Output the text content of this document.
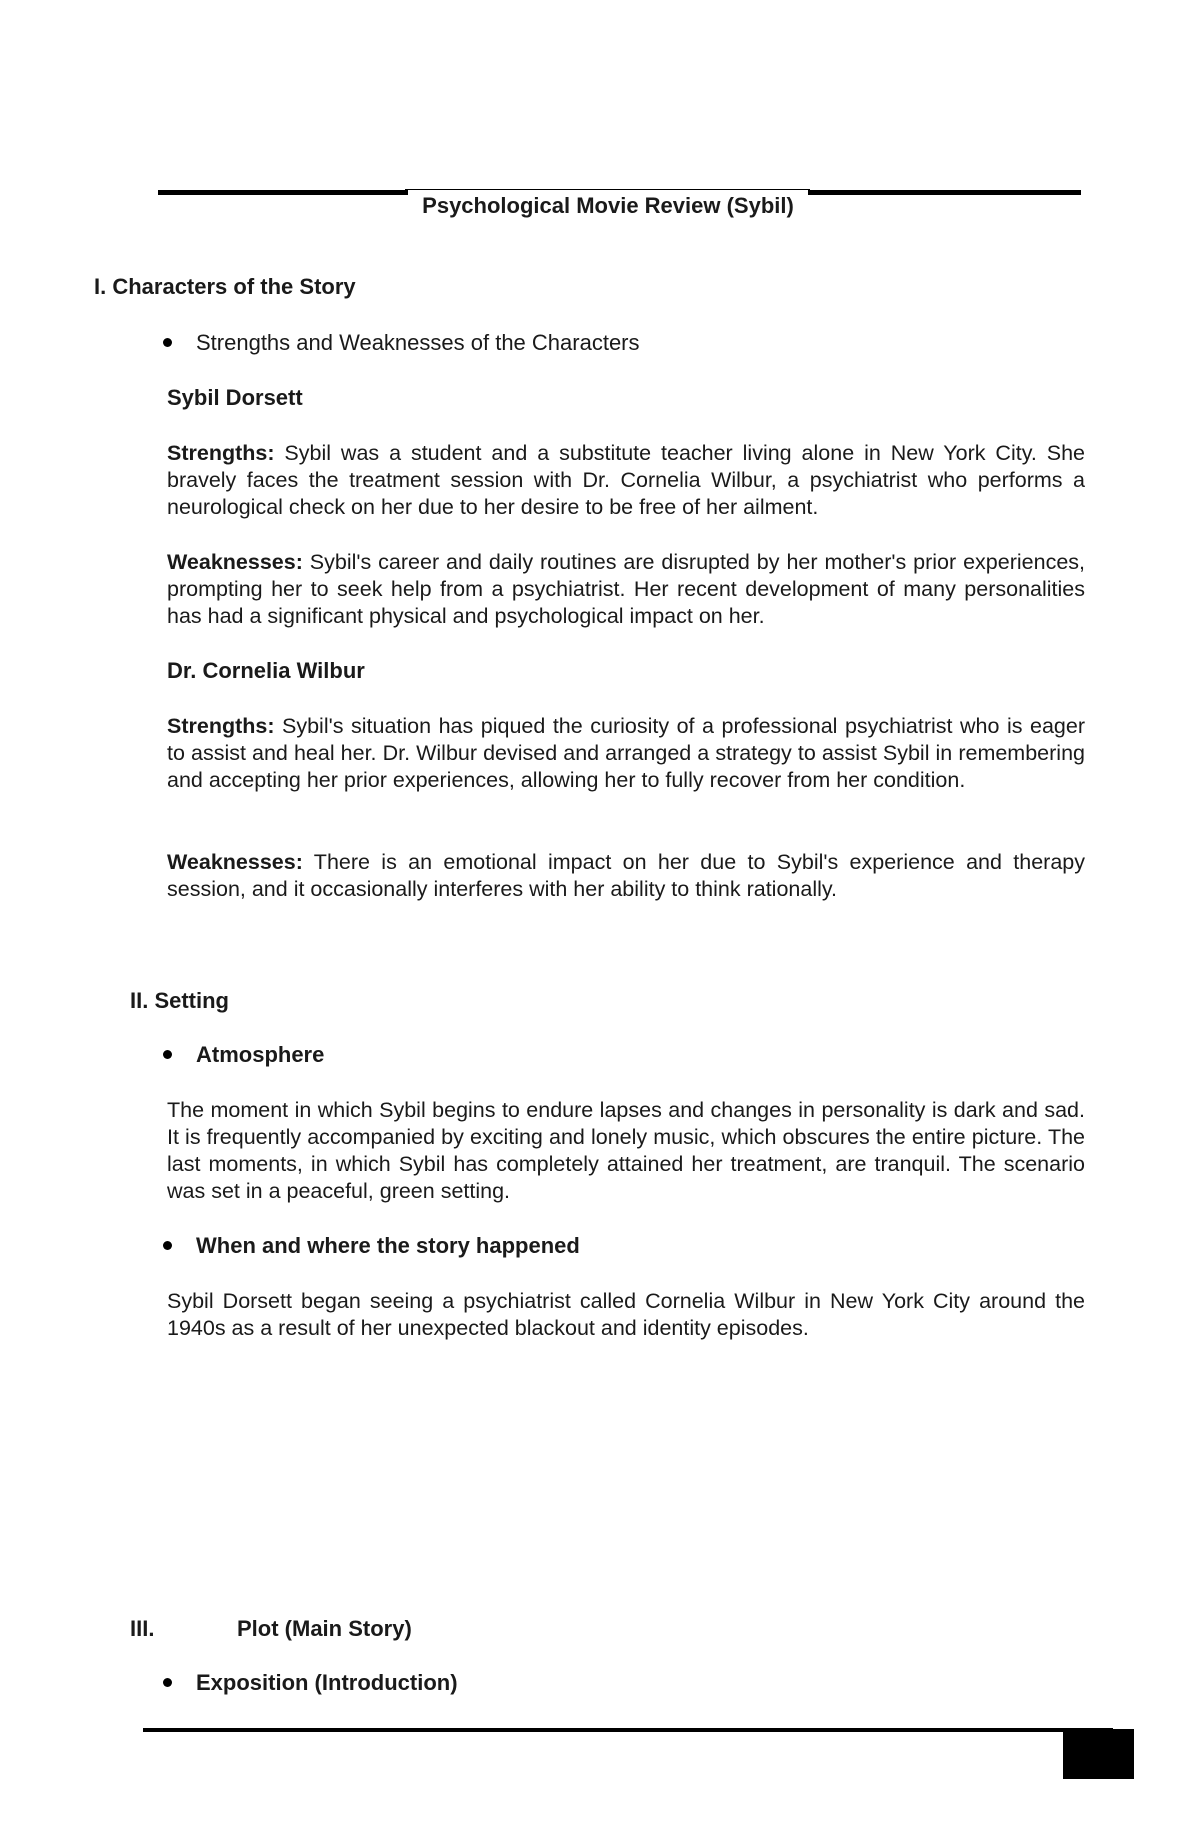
Psychological Movie Review (Sybil)
I. Characters of the Story
Strengths and Weaknesses of the Characters
Sybil Dorsett
Strengths: Sybil was a student and a substitute teacher living alone in New York City. She bravely faces the treatment session with Dr. Cornelia Wilbur, a psychiatrist who performs a neurological check on her due to her desire to be free of her ailment.
Weaknesses: Sybil's career and daily routines are disrupted by her mother's prior experiences, prompting her to seek help from a psychiatrist. Her recent development of many personalities has had a significant physical and psychological impact on her.
Dr. Cornelia Wilbur
Strengths: Sybil's situation has piqued the curiosity of a professional psychiatrist who is eager to assist and heal her. Dr. Wilbur devised and arranged a strategy to assist Sybil in remembering and accepting her prior experiences, allowing her to fully recover from her condition.
Weaknesses: There is an emotional impact on her due to Sybil's experience and therapy session, and it occasionally interferes with her ability to think rationally.
II. Setting
Atmosphere
The moment in which Sybil begins to endure lapses and changes in personality is dark and sad. It is frequently accompanied by exciting and lonely music, which obscures the entire picture. The last moments, in which Sybil has completely attained her treatment, are tranquil. The scenario was set in a peaceful, green setting.
When and where the story happened
Sybil Dorsett began seeing a psychiatrist called Cornelia Wilbur in New York City around the 1940s as a result of her unexpected blackout and identity episodes.
III.	Plot (Main Story)
Exposition (Introduction)
